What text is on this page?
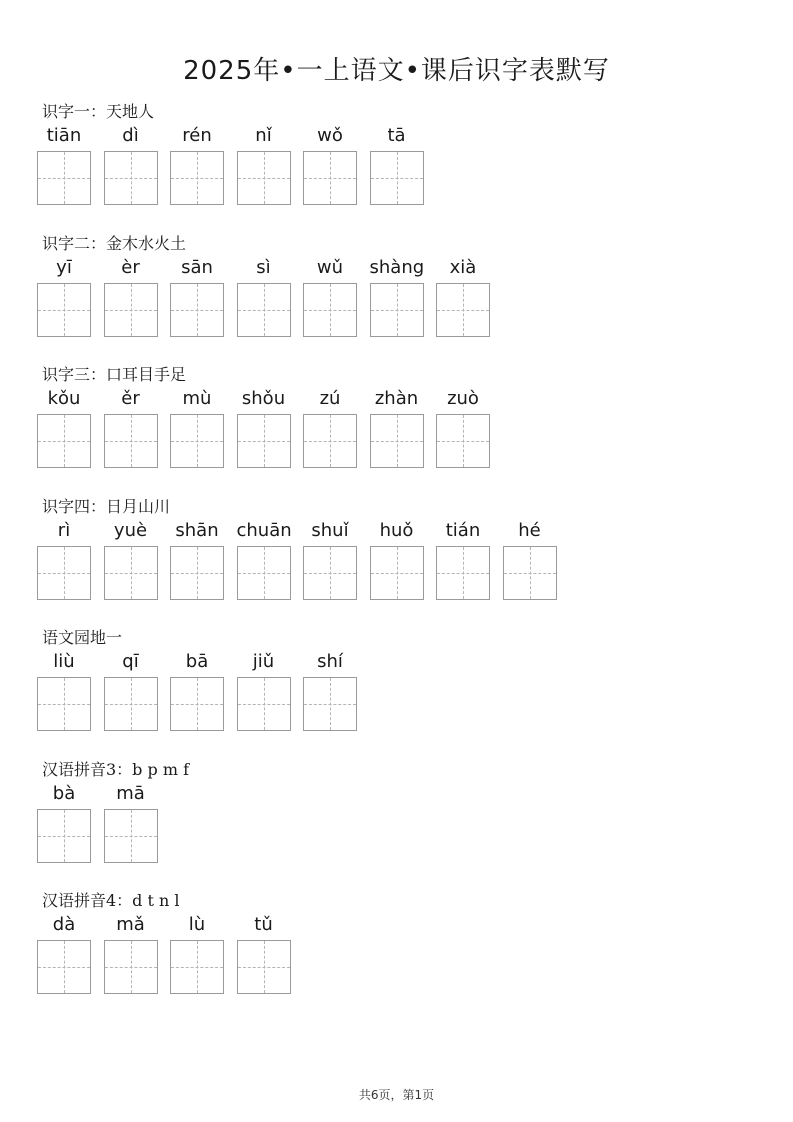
2025年•一上语文•课后识字表默写
识字一：天地人
tiān	dì	rén	nǐ	wǒ	tā
识字二：金木水火土
yī	èr	sān	sì	wǔ	shàng	xià
识字三：口耳目手足
kǒu	ěr	mù	shǒu	zú	zhàn	zuò
识字四：日月山川
rì	yuè	shān chuān	shuǐ	huǒ	tián	hé
语文园地一
liù	qī	bā	jiǔ	shí
汉语拼音3：b p m f
bà	mā
汉语拼音4：d t n l
dà	mǎ	lù	tǔ
共6页，第1页
